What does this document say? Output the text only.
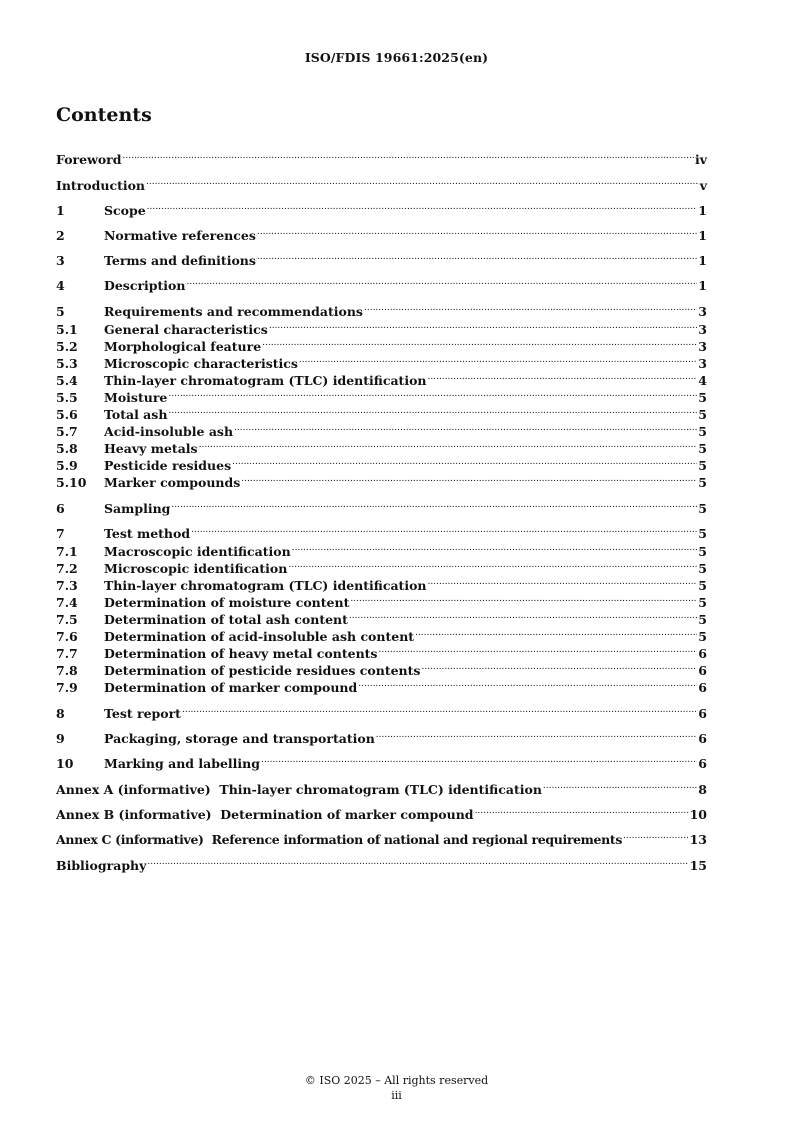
ISO/FDIS 19661:2025(en)
Contents
Foreword .....	iv
Introduction .....	v
1	Scope .....	1
2	Normative references .....	1
3	Terms and definitions .....	1
4	Description .....	1
5	Requirements and recommendations .....	3
5.1	General characteristics .....	3
5.2	Morphological feature .....	3
5.3	Microscopic characteristics .....	3
5.4	Thin-layer chromatogram (TLC) identification .....	4
5.5	Moisture .....	5
5.6	Total ash .....	5
5.7	Acid-insoluble ash .....	5
5.8	Heavy metals .....	5
5.9	Pesticide residues .....	5
5.10	Marker compounds .....	5
6	Sampling .....	5
7	Test method .....	5
7.1	Macroscopic identification .....	5
7.2	Microscopic identification .....	5
7.3	Thin-layer chromatogram (TLC) identification .....	5
7.4	Determination of moisture content .....	5
7.5	Determination of total ash content .....	5
7.6	Determination of acid-insoluble ash content .....	5
7.7	Determination of heavy metal contents .....	6
7.8	Determination of pesticide residues contents .....	6
7.9	Determination of marker compound .....	6
8	Test report .....	6
9	Packaging, storage and transportation .....	6
10	Marking and labelling .....	6
Annex A (informative)  Thin-layer chromatogram (TLC) identification .....	8
Annex B (informative)  Determination of marker compound .....	10
Annex C (informative)  Reference information of national and regional requirements .....	13
Bibliography .....	15
© ISO 2025 – All rights reserved
iii
